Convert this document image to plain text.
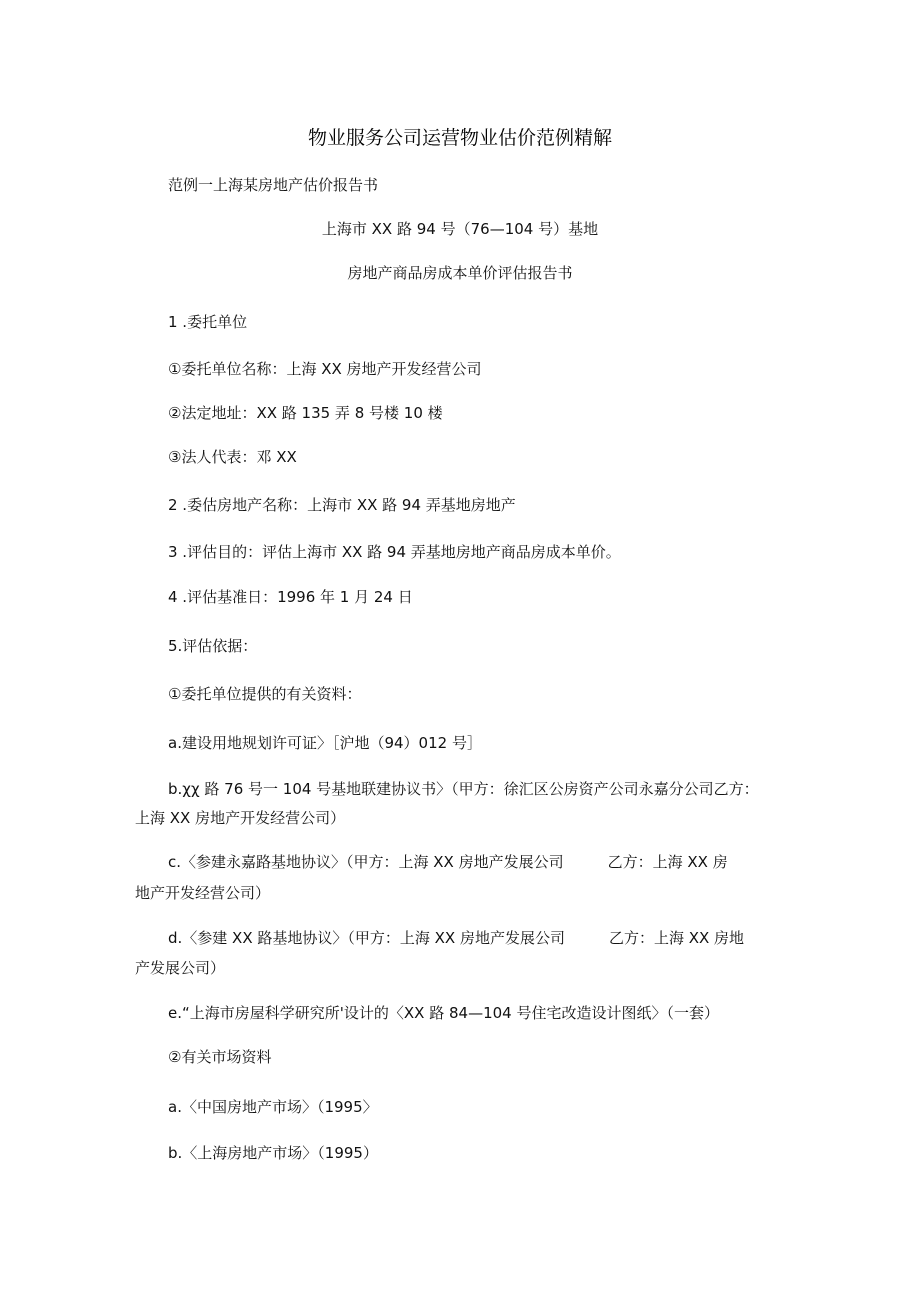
物业服务公司运营物业估价范例精解
范例一上海某房地产估价报告书
上海市 XX 路 94 号（76—104 号）基地
房地产商品房成本单价评估报告书
1 .委托单位
①委托单位名称：上海 XX 房地产开发经营公司
②法定地址：XX 路 135 弄 8 号楼 10 楼
③法人代表：邓 XX
2 .委估房地产名称：上海市 XX 路 94 弄基地房地产
3 .评估目的：评估上海市 XX 路 94 弄基地房地产商品房成本单价。
4 .评估基准日：1996 年 1 月 24 日
5.评估依据：
①委托单位提供的有关资料：
a.建设用地规划许可证〉［沪地（94）012 号］
b.χχ 路 76 号一 104 号基地联建协议书〉（甲方：徐汇区公房资产公司永嘉分公司乙方：
上海 XX 房地产开发经营公司）
c.〈参建永嘉路基地协议〉（甲方：上海 XX 房地产发展公司	乙方：上海 XX 房
地产开发经营公司）
d.〈参建 XX 路基地协议〉（甲方：上海 XX 房地产发展公司	乙方：上海 XX 房地
产发展公司）
e.“上海市房屋科学研究所'设计的〈XX 路 84—104 号住宅改造设计图纸〉（一套）
②有关市场资料
a.〈中国房地产市场〉（1995〉
b.〈上海房地产市场〉（1995）
